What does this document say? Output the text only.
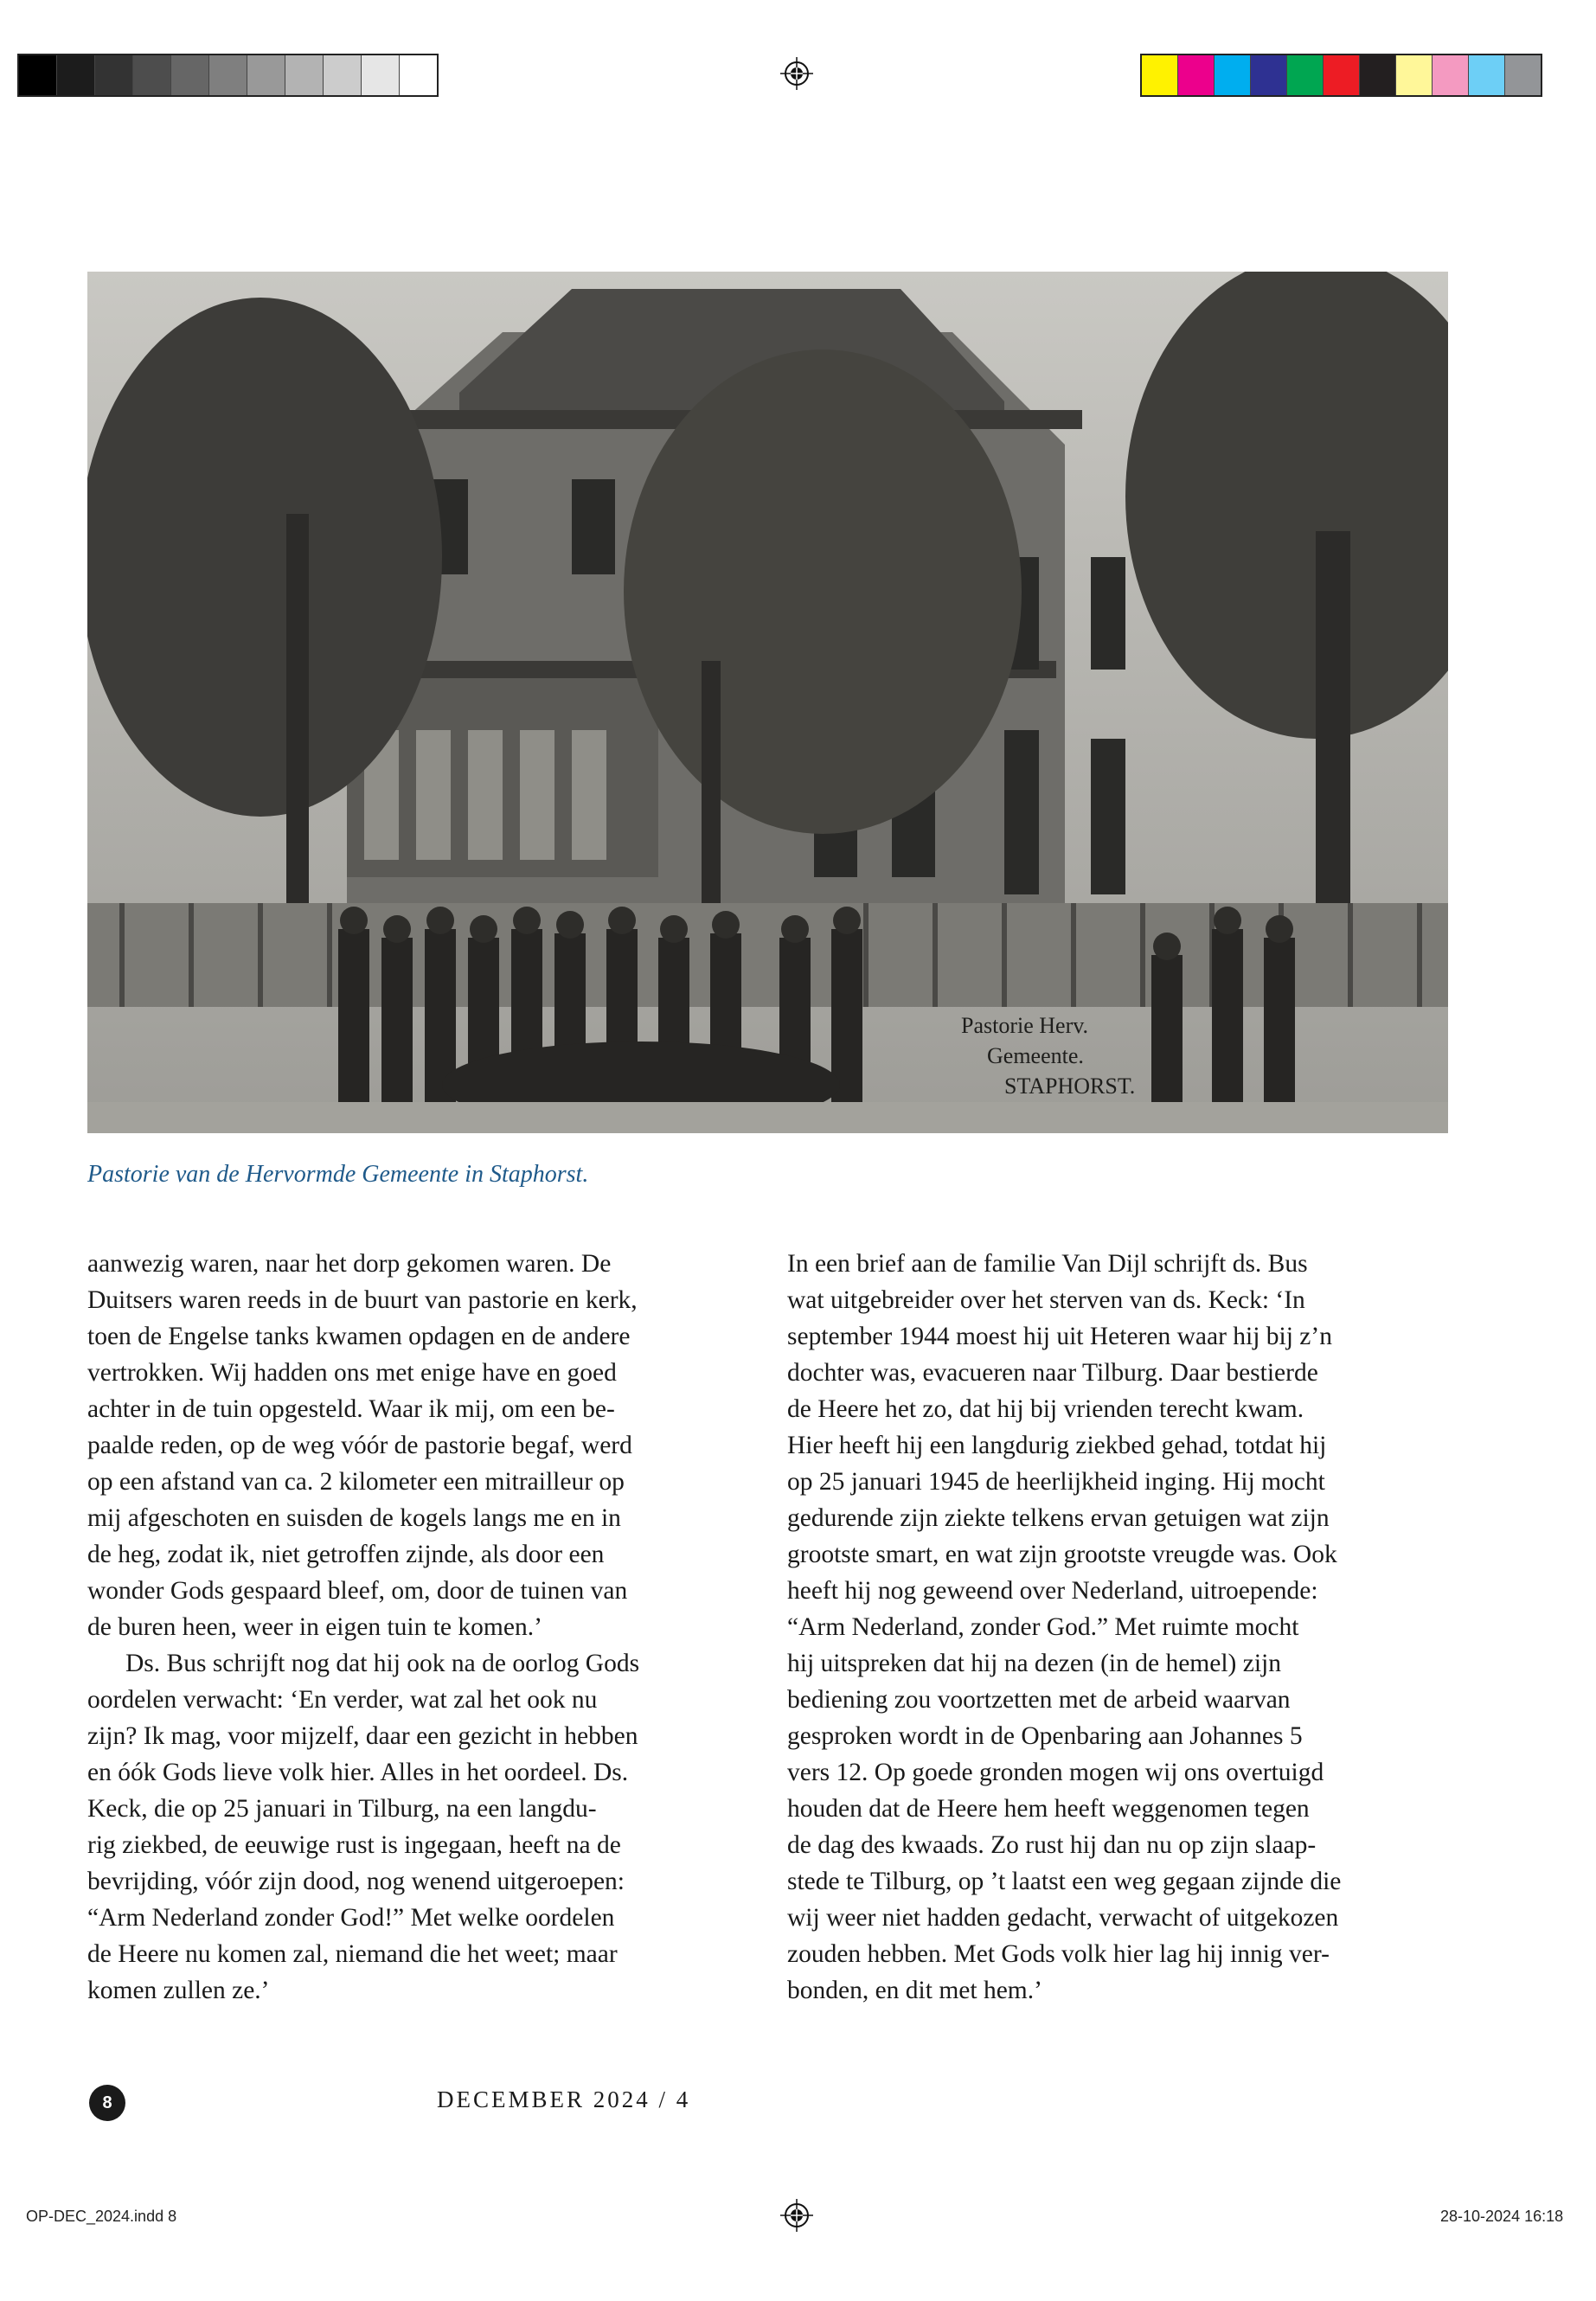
Pastorie Herv.
Gemeente.
STAPHORST.
Pastorie van de Hervormde Gemeente in Staphorst.
aanwezig waren, naar het dorp gekomen waren. De
Duitsers waren reeds in de buurt van pastorie en kerk,
toen de Engelse tanks kwamen opdagen en de andere
vertrokken. Wij hadden ons met enige have en goed
achter in de tuin opgesteld. Waar ik mij, om een be-
paalde reden, op de weg vóór de pastorie begaf, werd
op een afstand van ca. 2 kilometer een mitrailleur op
mij afgeschoten en suisden de kogels langs me en in
de heg, zodat ik, niet getroffen zijnde, als door een
wonder Gods gespaard bleef, om, door de tuinen van
de buren heen, weer in eigen tuin te komen.’
Ds. Bus schrijft nog dat hij ook na de oorlog Gods
oordelen verwacht: ‘En verder, wat zal het ook nu
zijn? Ik mag, voor mijzelf, daar een gezicht in hebben
en óók Gods lieve volk hier. Alles in het oordeel. Ds.
Keck, die op 25 januari in Tilburg, na een langdu-
rig ziekbed, de eeuwige rust is ingegaan, heeft na de
bevrijding, vóór zijn dood, nog wenend uitgeroepen:
“Arm Nederland zonder God!” Met welke oordelen
de Heere nu komen zal, niemand die het weet; maar
komen zullen ze.’
In een brief aan de familie Van Dijl schrijft ds. Bus
wat uitgebreider over het sterven van ds. Keck: ‘In
september 1944 moest hij uit Heteren waar hij bij z’n
dochter was, evacueren naar Tilburg. Daar bestierde
de Heere het zo, dat hij bij vrienden terecht kwam.
Hier heeft hij een langdurig ziekbed gehad, totdat hij
op 25 januari 1945 de heerlijkheid inging. Hij mocht
gedurende zijn ziekte telkens ervan getuigen wat zijn
grootste smart, en wat zijn grootste vreugde was. Ook
heeft hij nog geweend over Nederland, uitroepende:
“Arm Nederland, zonder God.” Met ruimte mocht
hij uitspreken dat hij na dezen (in de hemel) zijn
bediening zou voortzetten met de arbeid waarvan
gesproken wordt in de Openbaring aan Johannes 5
vers 12. Op goede gronden mogen wij ons overtuigd
houden dat de Heere hem heeft weggenomen tegen
de dag des kwaads. Zo rust hij dan nu op zijn slaap-
stede te Tilburg, op ’t laatst een weg gegaan zijnde die
wij weer niet hadden gedacht, verwacht of uitgekozen
zouden hebben. Met Gods volk hier lag hij innig ver-
bonden, en dit met hem.’
8	DECEMBER 2024 / 4
OP-DEC_2024.indd 8	28-10-2024 16:18
